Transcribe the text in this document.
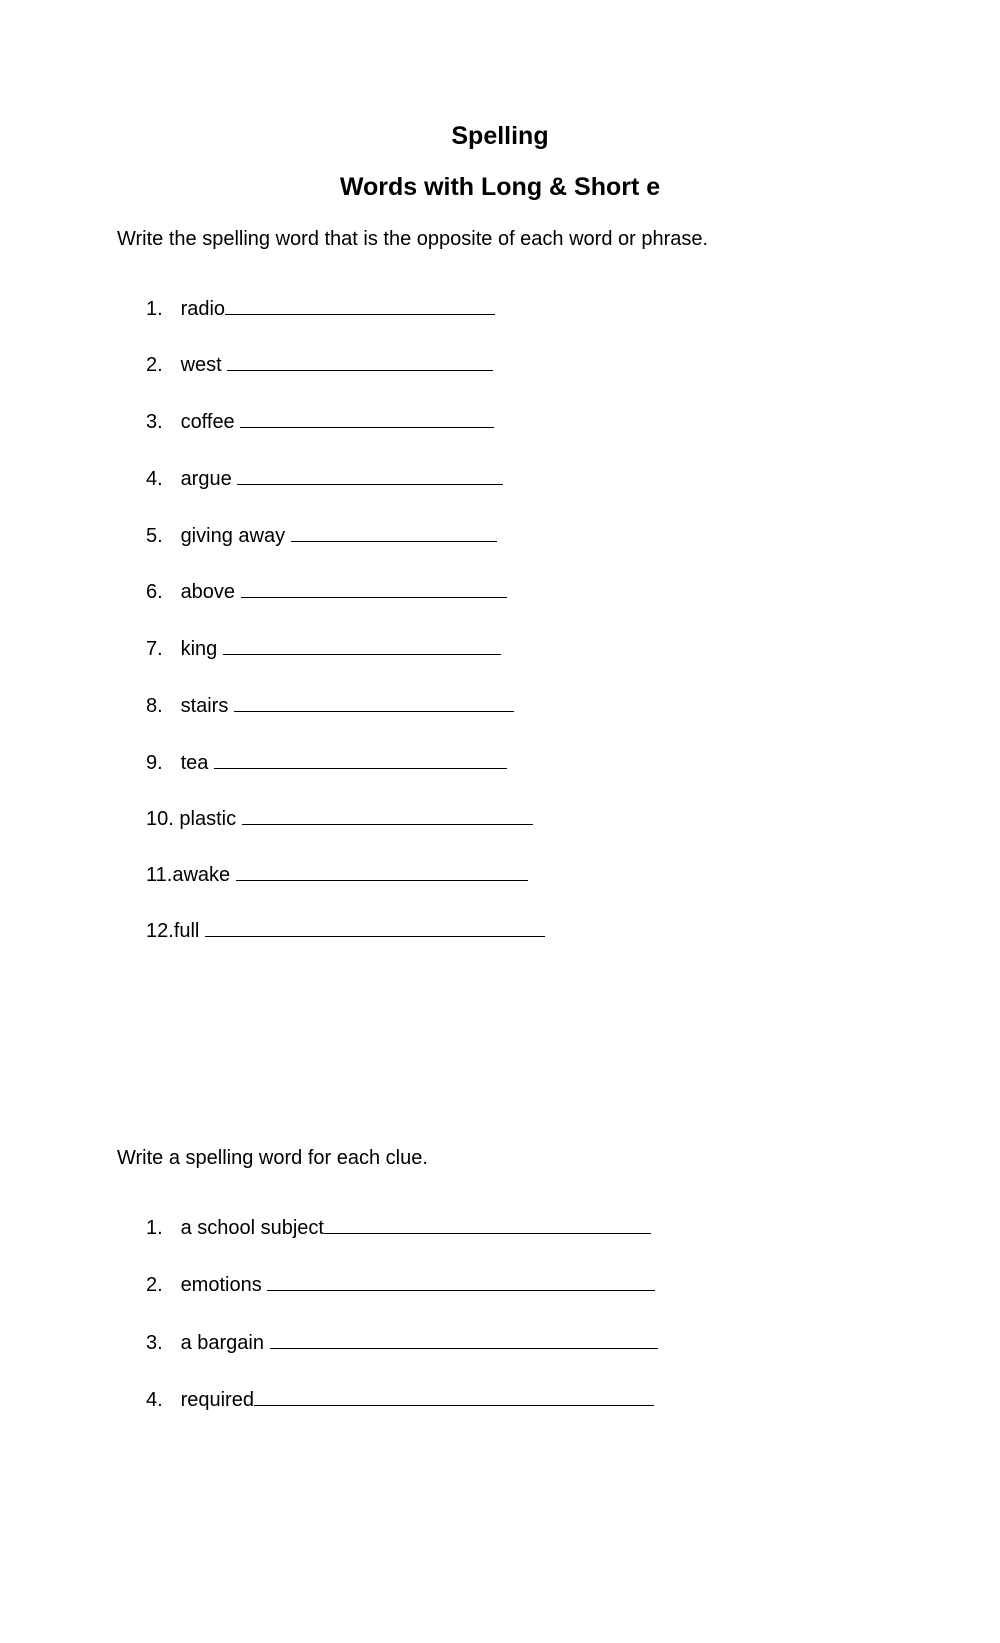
Spelling
Words with Long & Short e

Write the spelling word that is the opposite of each word or phrase.

1. radio
2. west
3. coffee
4. argue
5. giving away
6. above
7. king
8. stairs
9. tea
10. plastic
11.awake
12.full

Write a spelling word for each clue.

1. a school subject
2. emotions
3. a bargain
4. required
